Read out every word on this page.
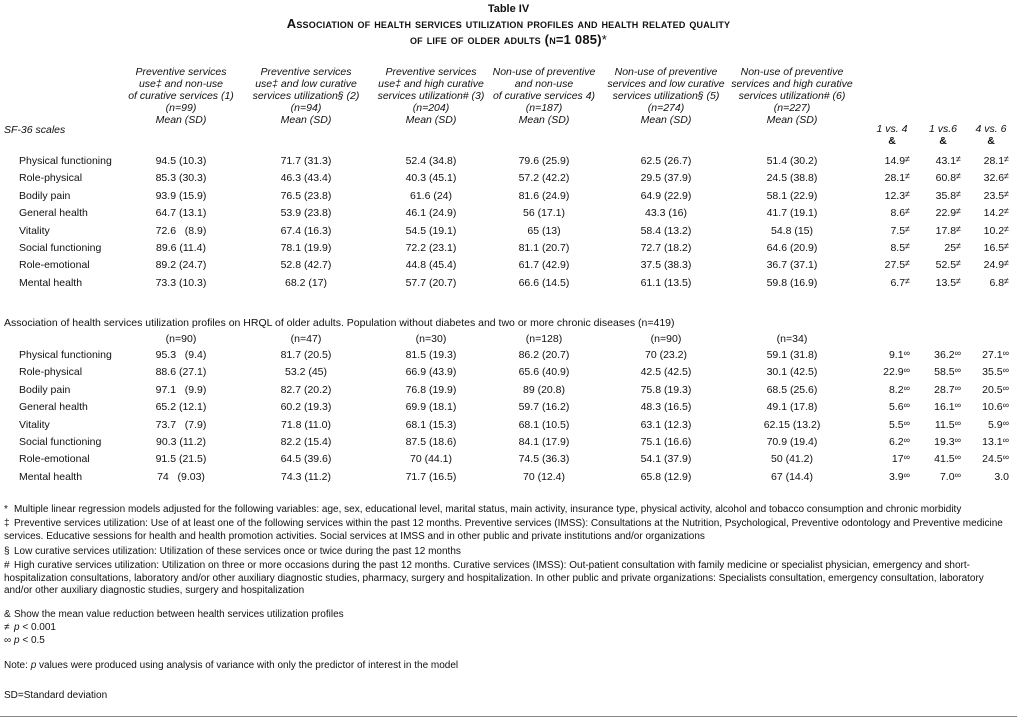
Table IV
Association of health services utilization profiles and health related quality
of life of older adults (n=1 085)*
SF-36 scales
Preventive services
use‡ and non-use
of curative services (1)
(n=99)
Mean (SD)
Preventive services
use‡ and low curative
services utilization§ (2)
(n=94)
Mean (SD)
Preventive services
use‡ and high curative
services utilization# (3)
(n=204)
Mean (SD)
Non-use of preventive
and non-use
of curative services 4)
(n=187)
Mean (SD)
Non-use of preventive
services and low curative
services utilization§ (5)
(n=274)
Mean (SD)
Non-use of preventive
services and high curative
services utilization# (6)
(n=227)
Mean (SD)
1 vs. 4
&
1 vs.6
&
4 vs. 6
&
Physical functioning	94.5 (10.3)	71.7 (31.3)	52.4 (34.8)	79.6 (25.9)	62.5 (26.7)	51.4 (30.2)	14.9≠	43.1≠	28.1≠
Role-physical	85.3 (30.3)	46.3 (43.4)	40.3 (45.1)	57.2 (42.2)	29.5 (37.9)	24.5 (38.8)	28.1≠	60.8≠	32.6≠
Bodily pain	93.9 (15.9)	76.5 (23.8)	61.6 (24)	81.6 (24.9)	64.9 (22.9)	58.1 (22.9)	12.3≠	35.8≠	23.5≠
General health	64.7 (13.1)	53.9 (23.8)	46.1 (24.9)	56 (17.1)	43.3 (16)	41.7 (19.1)	8.6≠	22.9≠	14.2≠
Vitality	72.6   (8.9)	67.4 (16.3)	54.5 (19.1)	65 (13)	58.4 (13.2)	54.8 (15)	7.5≠	17.8≠	10.2≠
Social functioning	89.6 (11.4)	78.1 (19.9)	72.2 (23.1)	81.1 (20.7)	72.7 (18.2)	64.6 (20.9)	8.5≠	25≠	16.5≠
Role-emotional	89.2 (24.7)	52.8 (42.7)	44.8 (45.4)	61.7 (42.9)	37.5 (38.3)	36.7 (37.1)	27.5≠	52.5≠	24.9≠
Mental health	73.3 (10.3)	68.2 (17)	57.7 (20.7)	66.6 (14.5)	61.1 (13.5)	59.8 (16.9)	6.7≠	13.5≠	6.8≠
Association of health services utilization profiles on HRQL of older adults. Population without diabetes and two or more chronic diseases (n=419)
(n=90)	(n=47)	(n=30)	(n=128)	(n=90)	(n=34)
Physical functioning	95.3   (9.4)	81.7 (20.5)	81.5 (19.3)	86.2 (20.7)	70 (23.2)	59.1 (31.8)	9.1∞	36.2∞	27.1∞
Role-physical	88.6 (27.1)	53.2 (45)	66.9 (43.9)	65.6 (40.9)	42.5 (42.5)	30.1 (42.5)	22.9∞	58.5∞	35.5∞
Bodily pain	97.1   (9.9)	82.7 (20.2)	76.8 (19.9)	89 (20.8)	75.8 (19.3)	68.5 (25.6)	8.2∞	28.7∞	20.5∞
General health	65.2 (12.1)	60.2 (19.3)	69.9 (18.1)	59.7 (16.2)	48.3 (16.5)	49.1 (17.8)	5.6∞	16.1∞	10.6∞
Vitality	73.7   (7.9)	71.8 (11.0)	68.1 (15.3)	68.1 (10.5)	63.1 (12.3)	62.15 (13.2)	5.5∞	11.5∞	5.9∞
Social functioning	90.3 (11.2)	82.2 (15.4)	87.5 (18.6)	84.1 (17.9)	75.1 (16.6)	70.9 (19.4)	6.2∞	19.3∞	13.1∞
Role-emotional	91.5 (21.5)	64.5 (39.6)	70 (44.1)	74.5 (36.3)	54.1 (37.9)	50 (41.2)	17∞	41.5∞	24.5∞
Mental health	74   (9.03)	74.3 (11.2)	71.7 (16.5)	70 (12.4)	65.8 (12.9)	67 (14.4)	3.9∞	7.0∞	3.0
* Multiple linear regression models adjusted for the following variables: age, sex, educational level, marital status, main activity, insurance type, physical activity, alcohol and tobacco consumption and chronic morbidity
‡ Preventive services utilization: Use of at least one of the following services within the past 12 months. Preventive services (IMSS): Consultations at the Nutrition, Psychological, Preventive odontology and Preventive medicine services. Educative sessions for health and health promotion activities. Social services at IMSS and in other public and private institutions and/or organizations
§ Low curative services utilization: Utilization of these services once or twice during the past 12 months
# High curative services utilization: Utilization on three or more occasions during the past 12 months. Curative services (IMSS): Out-patient consultation with family medicine or specialist physician, emergency and short-hospitalization consultations, laboratory and/or other auxiliary diagnostic studies, pharmacy, surgery and hospitalization. In other public and private organizations: Specialists consultation, emergency consultation, laboratory and/or other auxiliary diagnostic studies, surgery and hospitalization
& Show the mean value reduction between health services utilization profiles
≠ p < 0.001
∞ p < 0.5
Note: p values were produced using analysis of variance with only the predictor of interest in the model
SD=Standard deviation
